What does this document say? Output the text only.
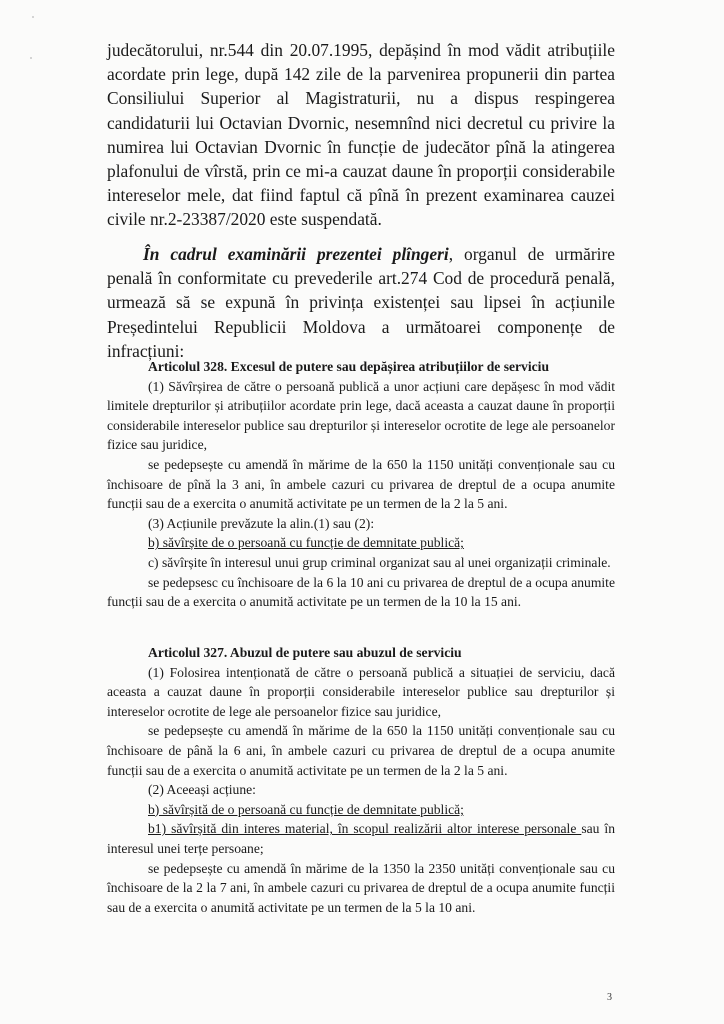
judecătorului, nr.544 din 20.07.1995, depășind în mod vădit atribuțiile acordate prin lege, după 142 zile de la parvenirea propunerii din partea Consiliului Superior al Magistraturii, nu a dispus respingerea candidaturii lui Octavian Dvornic, nesemnînd nici decretul cu privire la numirea lui Octavian Dvornic în funcție de judecător pînă la atingerea plafonului de vîrstă, prin ce mi-a cauzat daune în proporții considerabile intereselor mele, dat fiind faptul că pînă în prezent examinarea cauzei civile nr.2-23387/2020 este suspendată.

În cadrul examinării prezentei plîngeri, organul de urmărire penală în conformitate cu prevederile art.274 Cod de procedură penală, urmează să se expună în privința existenței sau lipsei în acțiunile Președintelui Republicii Moldova a următoarei componențe de infracțiuni:

Articolul 328. Excesul de putere sau depășirea atribuțiilor de serviciu

(1) Săvîrșirea de către o persoană publică a unor acțiuni care depășesc în mod vădit limitele drepturilor și atribuțiilor acordate prin lege, dacă aceasta a cauzat daune în proporții considerabile intereselor publice sau drepturilor și intereselor ocrotite de lege ale persoanelor fizice sau juridice,

se pedepsește cu amendă în mărime de la 650 la 1150 unități convenționale sau cu închisoare de pînă la 3 ani, în ambele cazuri cu privarea de dreptul de a ocupa anumite funcții sau de a exercita o anumită activitate pe un termen de la 2 la 5 ani.

(3) Acțiunile prevăzute la alin.(1) sau (2):

b) săvîrșite de o persoană cu funcție de demnitate publică;

c) săvîrșite în interesul unui grup criminal organizat sau al unei organizații criminale.

se pedepsesc cu închisoare de la 6 la 10 ani cu privarea de dreptul de a ocupa anumite funcții sau de a exercita o anumită activitate pe un termen de la 10 la 15 ani.

Articolul 327. Abuzul de putere sau abuzul de serviciu

(1) Folosirea intenționată de către o persoană publică a situației de serviciu, dacă aceasta a cauzat daune în proporții considerabile intereselor publice sau drepturilor și intereselor ocrotite de lege ale persoanelor fizice sau juridice,

se pedepsește cu amendă în mărime de la 650 la 1150 unități convenționale sau cu închisoare de până la 6 ani, în ambele cazuri cu privarea de dreptul de a ocupa anumite funcții sau de a exercita o anumită activitate pe un termen de la 2 la 5 ani.

(2) Aceeași acțiune:

b) săvîrșită de o persoană cu funcție de demnitate publică;

b1) săvîrșită din interes material, în scopul realizării altor interese personale sau în interesul unei terțe persoane;

se pedepsește cu amendă în mărime de la 1350 la 2350 unități convenționale sau cu închisoare de la 2 la 7 ani, în ambele cazuri cu privarea de dreptul de a ocupa anumite funcții sau de a exercita o anumită activitate pe un termen de la 5 la 10 ani.

3
